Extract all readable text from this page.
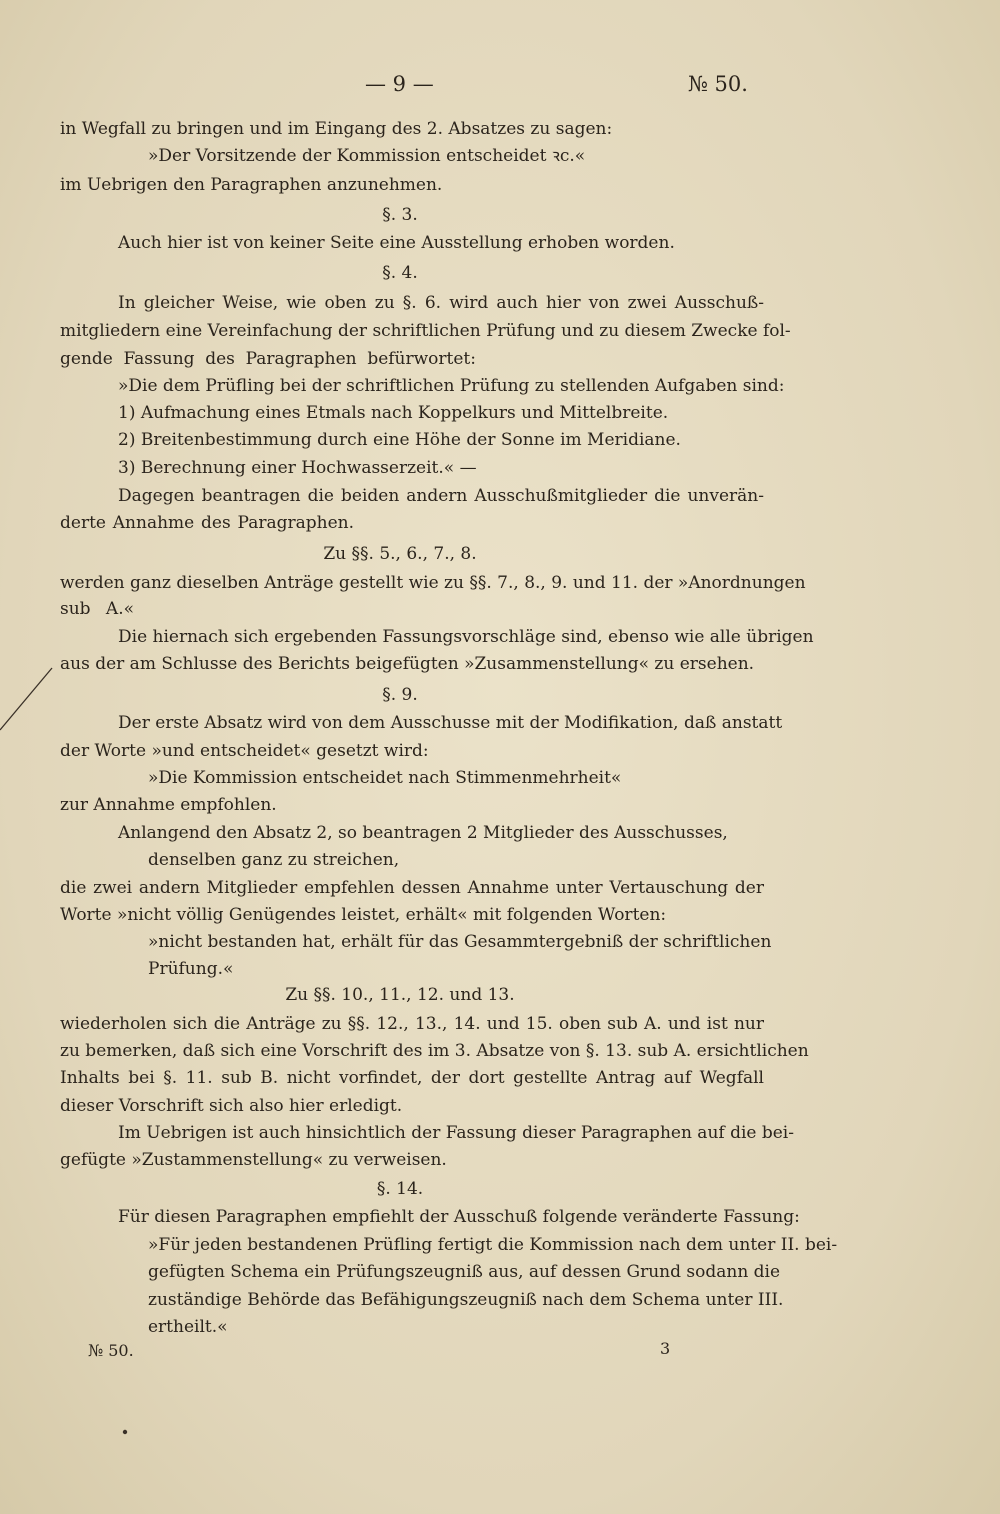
— 9 —	№ 50.
in Wegfall zu bringen und im Eingang des 2. Absatzes zu sagen:
»Der Vorsitzende der Kommission entscheidet ꝛc.«
im Uebrigen den Paragraphen anzunehmen.
§. 3.
Auch hier ist von keiner Seite eine Ausstellung erhoben worden.
§. 4.
In gleicher Weise, wie oben zu §. 6. wird auch hier von zwei Ausschuß-
mitgliedern eine Vereinfachung der schriftlichen Prüfung und zu diesem Zwecke fol-
gende Fassung des Paragraphen befürwortet:
»Die dem Prüfling bei der schriftlichen Prüfung zu stellenden Aufgaben sind:
1) Aufmachung eines Etmals nach Koppelkurs und Mittelbreite.
2) Breitenbestimmung durch eine Höhe der Sonne im Meridiane.
3) Berechnung einer Hochwasserzeit.« —
Dagegen beantragen die beiden andern Ausschußmitglieder die unverän-
derte Annahme des Paragraphen.
Zu §§. 5., 6., 7., 8.
werden ganz dieselben Anträge gestellt wie zu §§. 7., 8., 9. und 11. der »Anordnungen
sub A.«
Die hiernach sich ergebenden Fassungsvorschläge sind, ebenso wie alle übrigen
aus der am Schlusse des Berichts beigefügten »Zusammenstellung« zu ersehen.
§. 9.
Der erste Absatz wird von dem Ausschusse mit der Modifikation, daß anstatt
der Worte »und entscheidet« gesetzt wird:
»Die Kommission entscheidet nach Stimmenmehrheit«
zur Annahme empfohlen.
Anlangend den Absatz 2, so beantragen 2 Mitglieder des Ausschusses,
denselben ganz zu streichen,
die zwei andern Mitglieder empfehlen dessen Annahme unter Vertauschung der
Worte »nicht völlig Genügendes leistet, erhält« mit folgenden Worten:
»nicht bestanden hat, erhält für das Gesammtergebniß der schriftlichen
Prüfung.«
Zu §§. 10., 11., 12. und 13.
wiederholen sich die Anträge zu §§. 12., 13., 14. und 15. oben sub A. und ist nur
zu bemerken, daß sich eine Vorschrift des im 3. Absatze von §. 13. sub A. ersichtlichen
Inhalts bei §. 11. sub B. nicht vorfindet, der dort gestellte Antrag auf Wegfall
dieser Vorschrift sich also hier erledigt.
Im Uebrigen ist auch hinsichtlich der Fassung dieser Paragraphen auf die bei-
gefügte »Zustammenstellung« zu verweisen.
§. 14.
Für diesen Paragraphen empfiehlt der Ausschuß folgende veränderte Fassung:
»Für jeden bestandenen Prüfling fertigt die Kommission nach dem unter II. bei-
gefügten Schema ein Prüfungszeugniß aus, auf dessen Grund sodann die
zuständige Behörde das Befähigungszeugniß nach dem Schema unter III.
ertheilt.«
№ 50.	3
